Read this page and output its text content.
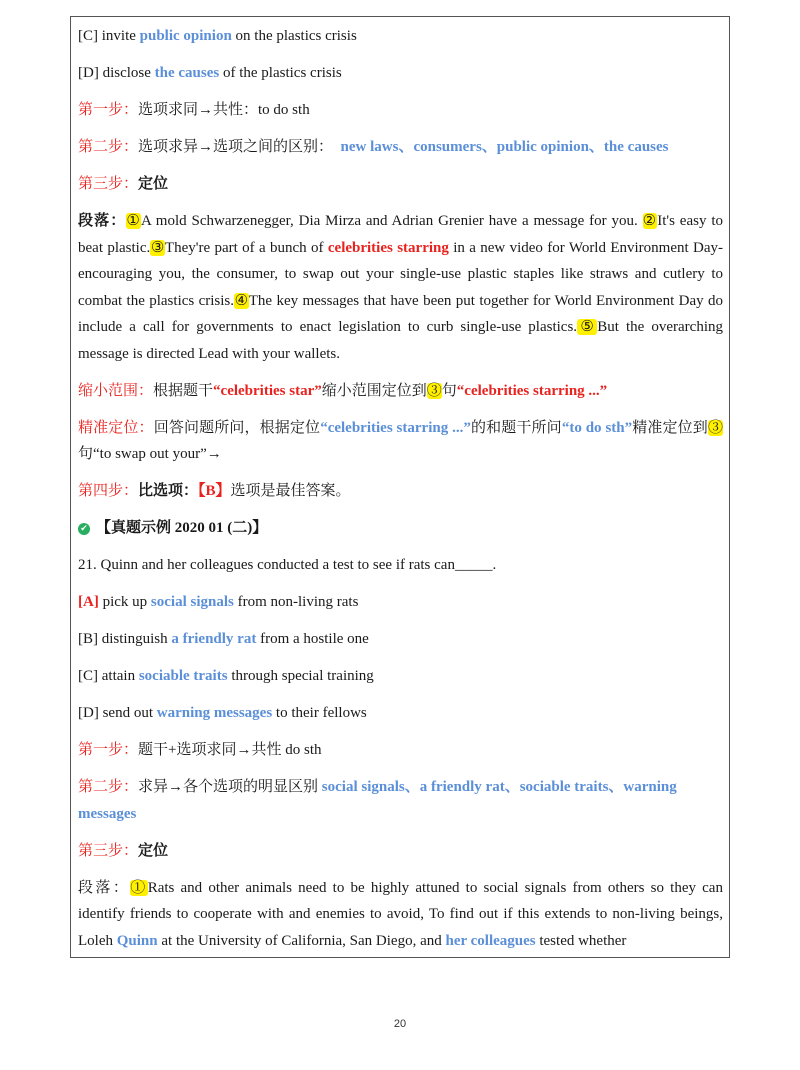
[C] invite public opinion on the plastics crisis

[D] disclose the causes of the plastics crisis

第一步：选项求同→共性：to do sth

第二步：选项求异→选项之间的区别： new laws、consumers、public opinion、the causes

第三步：定位

段落：①A mold Schwarzenegger, Dia Mirza and Adrian Grenier have a message for you. ②It's easy to beat plastic.③They're part of a bunch of celebrities starring in a new video for World Environment Day-encouraging you, the consumer, to swap out your single-use plastic staples like straws and cutlery to combat the plastics crisis.④The key messages that have been put together for World Environment Day do include a call for governments to enact legislation to curb single-use plastics.⑤But the overarching message is directed Lead with your wallets.

缩小范围：根据题干“celebrities star”缩小范围定位到③句“celebrities starring ...”

精准定位：回答问题所问，根据定位“celebrities starring ...”的和题干所问“to do sth”精准定位到③句“to swap out your”→

第四步：比选项：【B】选项是最佳答案。

✔ 【真题示例 2020 01 (二)】

21. Quinn and her colleagues conducted a test to see if rats can_____.

[A] pick up social signals from non-living rats

[B] distinguish a friendly rat from a hostile one

[C] attain sociable traits through special training

[D] send out warning messages to their fellows

第一步：题干+选项求同→共性 do sth

第二步：求异→各个选项的明显区别 social signals、a friendly rat、sociable traits、warning messages

第三步：定位

段落：①Rats and other animals need to be highly attuned to social signals from others so they can identify friends to cooperate with and enemies to avoid, To find out if this extends to non-living beings, Loleh Quinn at the University of California, San Diego, and her colleagues tested whether

20
